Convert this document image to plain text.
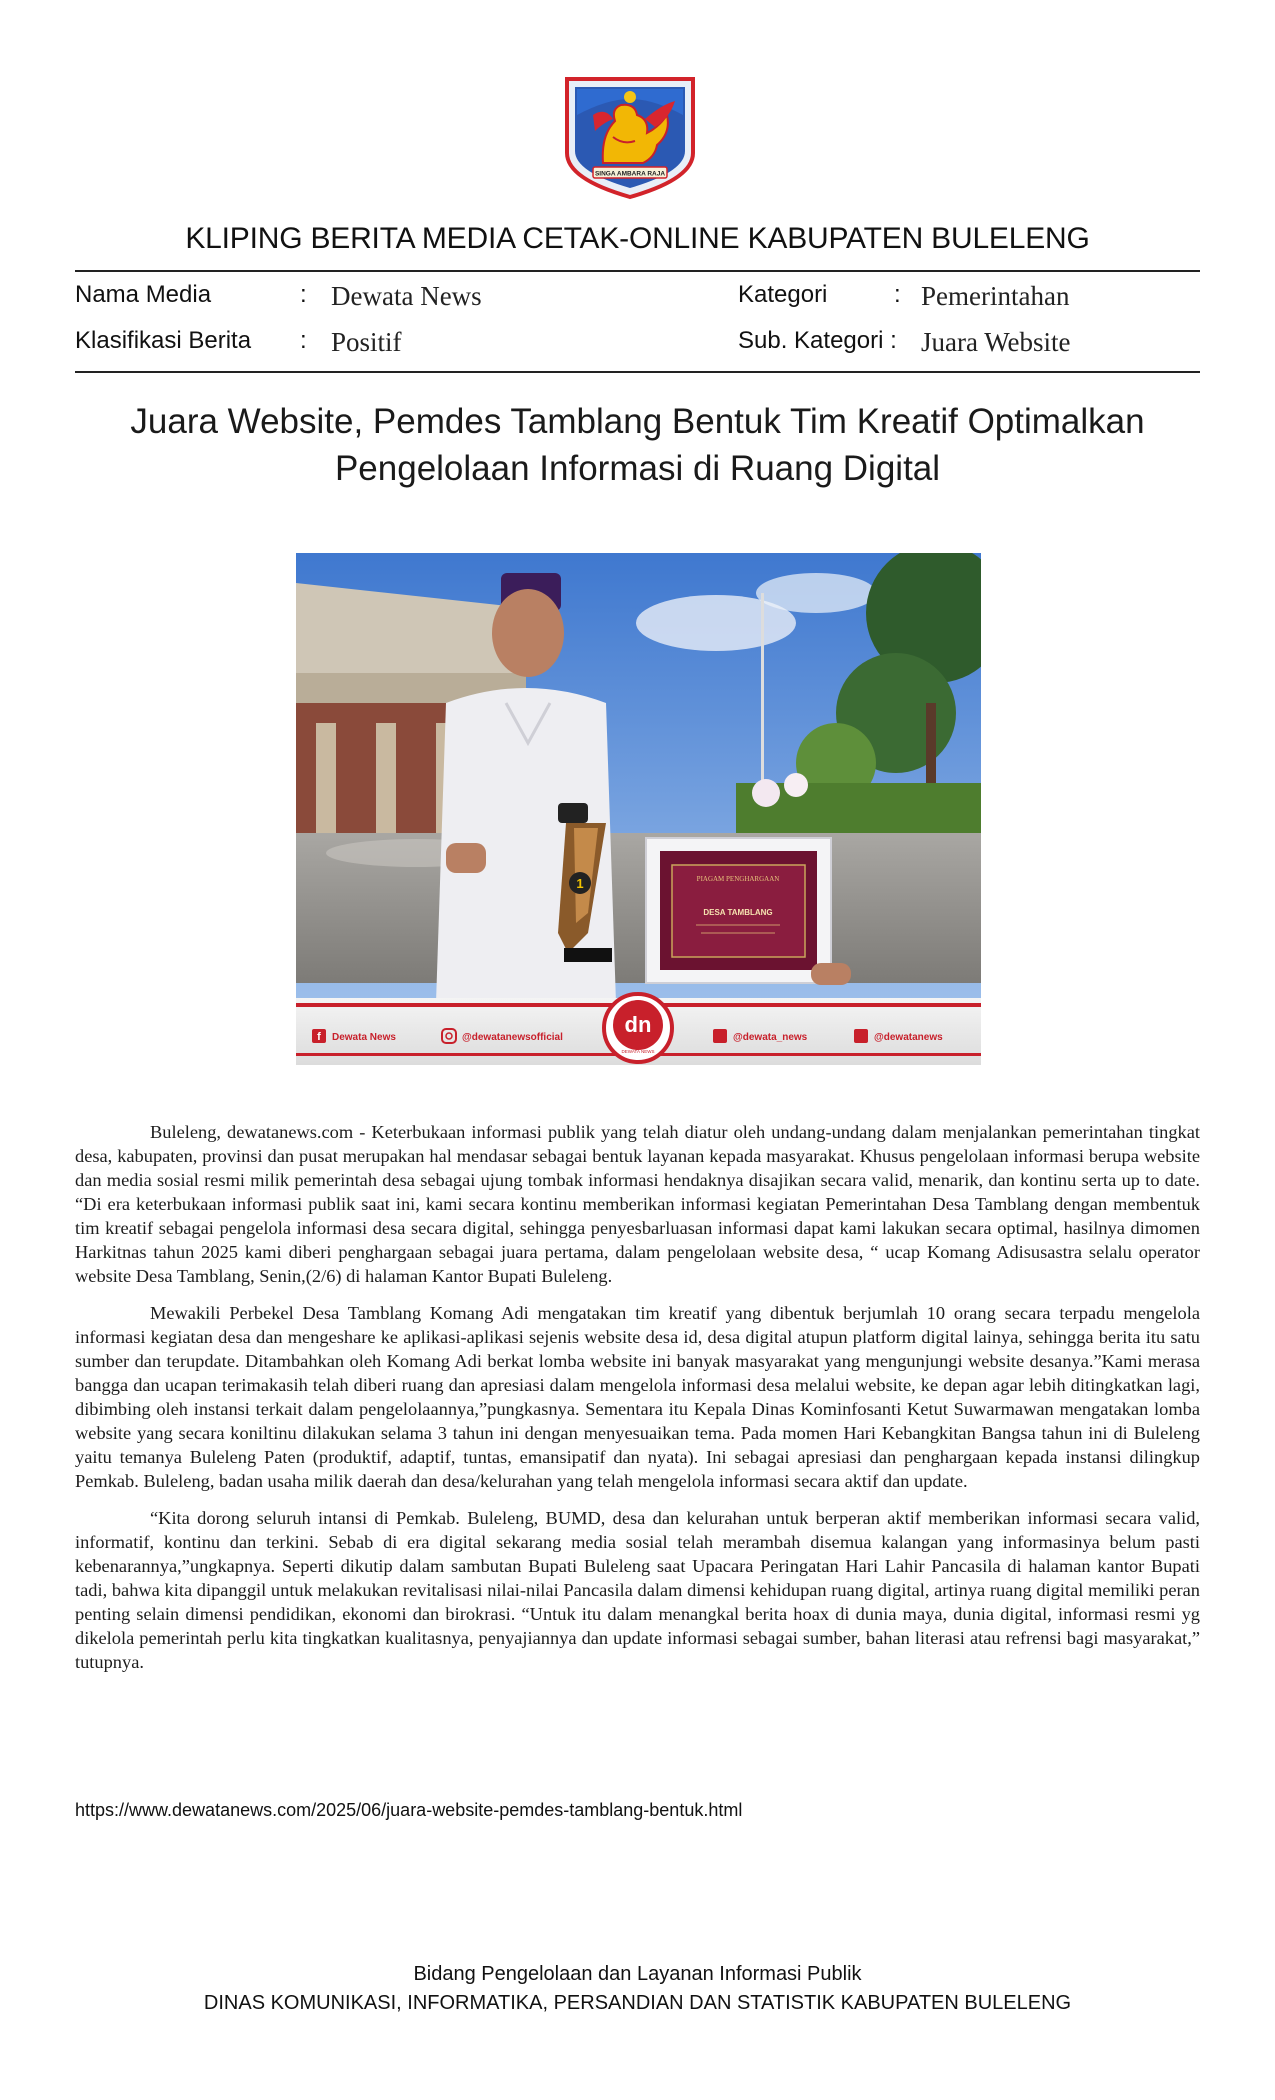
SINGA AMBARA RAJA
KLIPING BERITA MEDIA CETAK-ONLINE KABUPATEN BULELENG
Nama Media	: Dewata News	Kategori	: Pemerintahan
Klasifikasi Berita : Positif	Sub. Kategori : Juara Website
Juara Website, Pemdes Tamblang Bentuk Tim Kreatif Optimalkan
Pengelolaan Informasi di Ruang Digital
1	PIAGAM PENGHARGAAN
DESA TAMBLANG
dn
DEWATA NEWS
f Dewata News	@dewatanewsofficial	@dewata_news	@dewatanews

Buleleng, dewatanews.com - Keterbukaan informasi publik yang telah diatur oleh undang-undang dalam menjalankan pemerintahan tingkat desa, kabupaten, provinsi dan pusat merupakan hal mendasar sebagai bentuk layanan kepada masyarakat. Khusus pengelolaan informasi berupa website dan media sosial resmi milik pemerintah desa sebagai ujung tombak informasi hendaknya disajikan secara valid, menarik, dan kontinu serta up to date. “Di era keterbukaan informasi publik saat ini, kami secara kontinu memberikan informasi kegiatan Pemerintahan Desa Tamblang dengan membentuk tim kreatif sebagai pengelola informasi desa secara digital, sehingga penyesbarluasan informasi dapat kami lakukan secara optimal, hasilnya dimomen Harkitnas tahun 2025 kami diberi penghargaan sebagai juara pertama, dalam pengelolaan website desa, “ ucap Komang Adisusastra selalu operator website Desa Tamblang, Senin,(2/6) di halaman Kantor Bupati Buleleng.

Mewakili Perbekel Desa Tamblang Komang Adi mengatakan tim kreatif yang dibentuk berjumlah 10 orang secara terpadu mengelola informasi kegiatan desa dan mengeshare ke aplikasi-aplikasi sejenis website desa id, desa digital atupun platform digital lainya, sehingga berita itu satu sumber dan terupdate. Ditambahkan oleh Komang Adi berkat lomba website ini banyak masyarakat yang mengunjungi website desanya.”Kami merasa bangga dan ucapan terimakasih telah diberi ruang dan apresiasi dalam mengelola informasi desa melalui website, ke depan agar lebih ditingkatkan lagi, dibimbing oleh instansi terkait dalam pengelolaannya,”pungkasnya. Sementara itu Kepala Dinas Kominfosanti Ketut Suwarmawan mengatakan lomba website yang secara koniltinu dilakukan selama 3 tahun ini dengan menyesuaikan tema. Pada momen Hari Kebangkitan Bangsa tahun ini di Buleleng yaitu temanya Buleleng Paten (produktif, adaptif, tuntas, emansipatif dan nyata). Ini sebagai apresiasi dan penghargaan kepada instansi dilingkup Pemkab. Buleleng, badan usaha milik daerah dan desa/kelurahan yang telah mengelola informasi secara aktif dan update.

“Kita dorong seluruh intansi di Pemkab. Buleleng, BUMD, desa dan kelurahan untuk berperan aktif memberikan informasi secara valid, informatif, kontinu dan terkini. Sebab di era digital sekarang media sosial telah merambah disemua kalangan yang informasinya belum pasti kebenarannya,”ungkapnya. Seperti dikutip dalam sambutan Bupati Buleleng saat Upacara Peringatan Hari Lahir Pancasila di halaman kantor Bupati tadi, bahwa kita dipanggil untuk melakukan revitalisasi nilai-nilai Pancasila dalam dimensi kehidupan ruang digital, artinya ruang digital memiliki peran penting selain dimensi pendidikan, ekonomi dan birokrasi. “Untuk itu dalam menangkal berita hoax di dunia maya, dunia digital, informasi resmi yg dikelola pemerintah perlu kita tingkatkan kualitasnya, penyajiannya dan update informasi sebagai sumber, bahan literasi atau refrensi bagi masyarakat,” tutupnya.

https://www.dewatanews.com/2025/06/juara-website-pemdes-tamblang-bentuk.html
Bidang Pengelolaan dan Layanan Informasi Publik
DINAS KOMUNIKASI, INFORMATIKA, PERSANDIAN DAN STATISTIK KABUPATEN BULELENG
